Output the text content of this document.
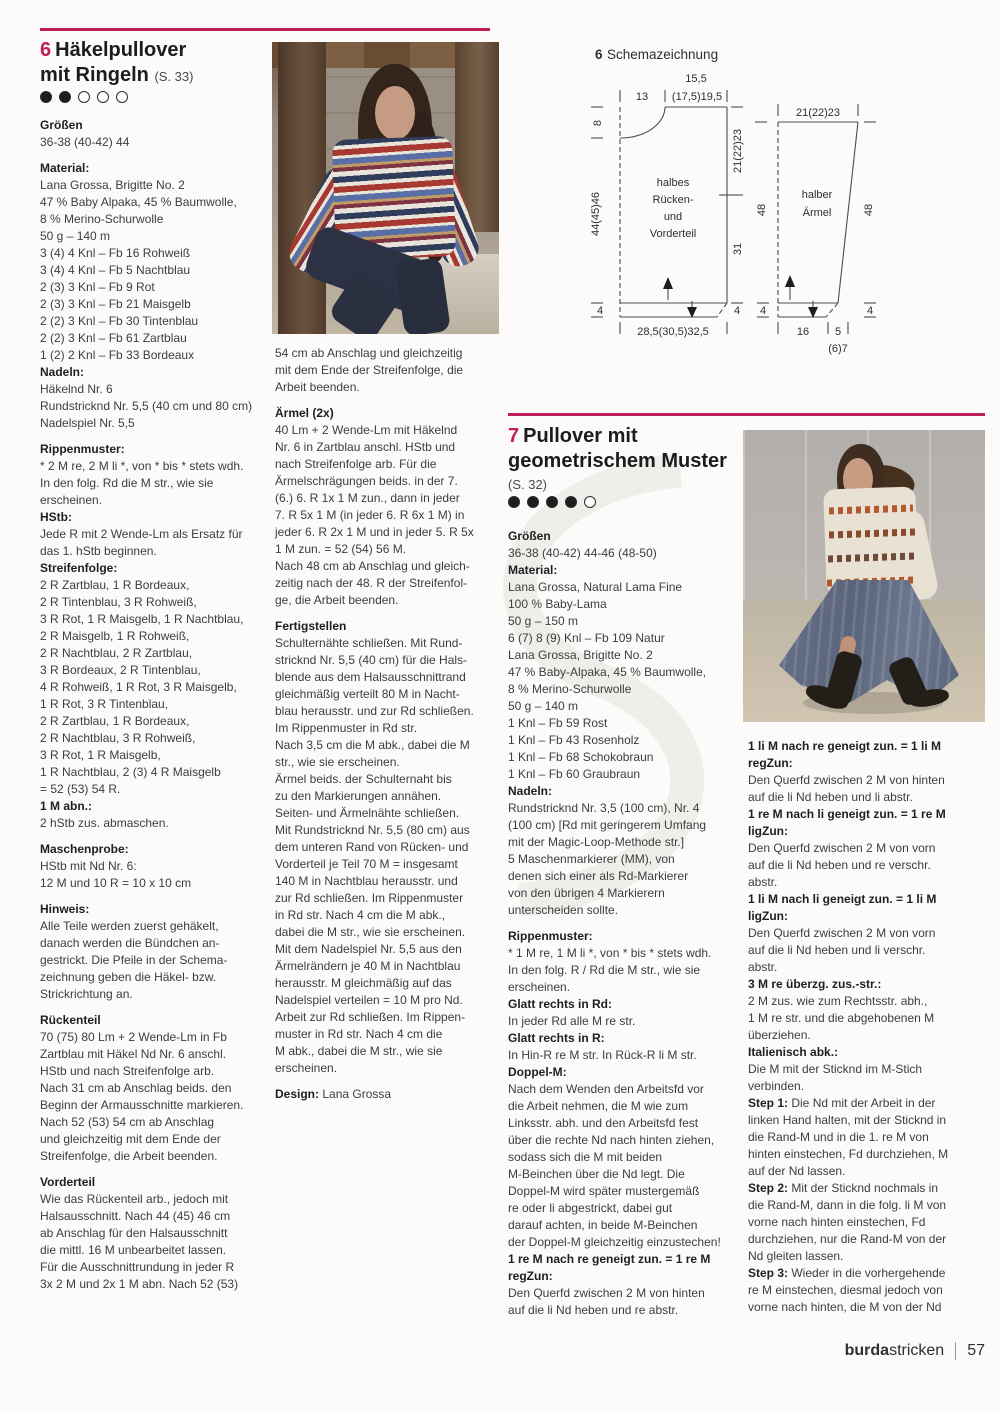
6 Häkelpullover
mit Ringeln (S. 33)
Größen
36-38 (40-42) 44
Material:
Lana Grossa, Brigitte No. 2
47 % Baby Alpaka, 45 % Baumwolle,
8 % Merino-Schurwolle
50 g – 140 m
3 (4) 4 Knl – Fb 16 Rohweiß
3 (4) 4 Knl – Fb 5 Nachtblau
2 (3) 3 Knl – Fb 9 Rot
2 (3) 3 Knl – Fb 21 Maisgelb
2 (2) 3 Knl – Fb 30 Tintenblau
2 (2) 3 Knl – Fb 61 Zartblau
1 (2) 2 Knl – Fb 33 Bordeaux
Nadeln:
Häkelnd Nr. 6
Rundstricknd Nr. 5,5 (40 cm und 80 cm)
Nadelspiel Nr. 5,5
Rippenmuster:
* 2 M re, 2 M li *, von * bis * stets wdh.
In den folg. Rd die M str., wie sie
erscheinen.
HStb:
Jede R mit 2 Wende-Lm als Ersatz für
das 1. hStb beginnen.
Streifenfolge:
2 R Zartblau, 1 R Bordeaux,
2 R Tintenblau, 3 R Rohweiß,
3 R Rot, 1 R Maisgelb, 1 R Nachtblau,
2 R Maisgelb, 1 R Rohweiß,
2 R Nachtblau, 2 R Zartblau,
3 R Bordeaux, 2 R Tintenblau,
4 R Rohweiß, 1 R Rot, 3 R Maisgelb,
1 R Rot, 3 R Tintenblau,
2 R Zartblau, 1 R Bordeaux,
2 R Nachtblau, 3 R Rohweiß,
3 R Rot, 1 R Maisgelb,
1 R Nachtblau, 2 (3) 4 R Maisgelb
= 52 (53) 54 R.
1 M abn.:
2 hStb zus. abmaschen.
Maschenprobe:
HStb mit Nd Nr. 6:
12 M und 10 R = 10 x 10 cm
Hinweis:
Alle Teile werden zuerst gehäkelt,
danach werden die Bündchen an-
gestrickt. Die Pfeile in der Schema-
zeichnung geben die Häkel- bzw.
Strickrichtung an.
Rückenteil
70 (75) 80 Lm + 2 Wende-Lm in Fb
Zartblau mit Häkel Nd Nr. 6 anschl.
HStb und nach Streifenfolge arb.
Nach 31 cm ab Anschlag beids. den
Beginn der Armausschnitte markieren.
Nach 52 (53) 54 cm ab Anschlag
und gleichzeitig mit dem Ende der
Streifenfolge, die Arbeit beenden.
Vorderteil
Wie das Rückenteil arb., jedoch mit
Halsausschnitt. Nach 44 (45) 46 cm
ab Anschlag für den Halsausschnitt
die mittl. 16 M unbearbeitet lassen.
Für die Ausschnittrundung in jeder R
3x 2 M und 2x 1 M abn. Nach 52 (53)
54 cm ab Anschlag und gleichzeitig
mit dem Ende der Streifenfolge, die
Arbeit beenden.
Ärmel (2x)
40 Lm + 2 Wende-Lm mit Häkelnd
Nr. 6 in Zartblau anschl. HStb und
nach Streifenfolge arb. Für die
Ärmelschrägungen beids. in der 7.
(6.) 6. R 1x 1 M zun., dann in jeder
7. R 5x 1 M (in jeder 6. R 6x 1 M) in
jeder 6. R 2x 1 M und in jeder 5. R 5x
1 M zun. = 52 (54) 56 M.
Nach 48 cm ab Anschlag und gleich-
zeitig nach der 48. R der Streifenfol-
ge, die Arbeit beenden.
Fertigstellen
Schulternähte schließen. Mit Rund-
stricknd Nr. 5,5 (40 cm) für die Hals-
blende aus dem Halsausschnittrand
gleichmäßig verteilt 80 M in Nacht-
blau herausstr. und zur Rd schließen.
Im Rippenmuster in Rd str.
Nach 3,5 cm die M abk., dabei die M
str., wie sie erscheinen.
Ärmel beids. der Schulternaht bis
zu den Markierungen annähen.
Seiten- und Ärmelnähte schließen.
Mit Rundstricknd Nr. 5,5 (80 cm) aus
dem unteren Rand von Rücken- und
Vorderteil je Teil 70 M = insgesamt
140 M in Nachtblau herausstr. und
zur Rd schließen. Im Rippenmuster
in Rd str. Nach 4 cm die M abk.,
dabei die M str., wie sie erscheinen.
Mit dem Nadelspiel Nr. 5,5 aus den
Ärmelrändern je 40 M in Nachtblau
herausstr. M gleichmäßig auf das
Nadelspiel verteilen = 10 M pro Nd.
Arbeit zur Rd schließen. Im Rippen-
muster in Rd str. Nach 4 cm die
M abk., dabei die M str., wie sie
erscheinen.
Design: Lana Grossa
6 Schemazeichnung
15,5
13 (17,5)19,5
8
44(45)46
21(22)23
31
4	4
28,5(30,5)32,5
halbes
Rücken-
und
Vorderteil
21(22)23
48	48
4	4
16 5
(6)7
halber
Ärmel
7 Pullover mit
geometrischem Muster
(S. 32)
Größen
36-38 (40-42) 44-46 (48-50)
Material:
Lana Grossa, Natural Lama Fine
100 % Baby-Lama
50 g – 150 m
6 (7) 8 (9) Knl – Fb 109 Natur
Lana Grossa, Brigitte No. 2
47 % Baby-Alpaka, 45 % Baumwolle,
8 % Merino-Schurwolle
50 g – 140 m
1 Knl – Fb 59 Rost
1 Knl – Fb 43 Rosenholz
1 Knl – Fb 68 Schokobraun
1 Knl – Fb 60 Graubraun
Nadeln:
Rundstricknd Nr. 3,5 (100 cm), Nr. 4
(100 cm) [Rd mit geringerem Umfang
mit der Magic-Loop-Methode str.]
5 Maschenmarkierer (MM), von
denen sich einer als Rd-Markierer
von den übrigen 4 Markierern
unterscheiden sollte.
Rippenmuster:
* 1 M re, 1 M li *, von * bis * stets wdh.
In den folg. R / Rd die M str., wie sie
erscheinen.
Glatt rechts in Rd:
In jeder Rd alle M re str.
Glatt rechts in R:
In Hin-R re M str. In Rück-R li M str.
Doppel-M:
Nach dem Wenden den Arbeitsfd vor
die Arbeit nehmen, die M wie zum
Linksstr. abh. und den Arbeitsfd fest
über die rechte Nd nach hinten ziehen,
sodass sich die M mit beiden
M-Beinchen über die Nd legt. Die
Doppel-M wird später mustergemäß
re oder li abgestrickt, dabei gut
darauf achten, in beide M-Beinchen
der Doppel-M gleichzeitig einzustechen!
1 re M nach re geneigt zun. = 1 re M
regZun:
Den Querfd zwischen 2 M von hinten
auf die li Nd heben und re abstr.
1 li M nach re geneigt zun. = 1 li M
regZun:
Den Querfd zwischen 2 M von hinten
auf die li Nd heben und li abstr.
1 re M nach li geneigt zun. = 1 re M
ligZun:
Den Querfd zwischen 2 M von vorn
auf die li Nd heben und re verschr.
abstr.
1 li M nach li geneigt zun. = 1 li M
ligZun:
Den Querfd zwischen 2 M von vorn
auf die li Nd heben und li verschr.
abstr.
3 M re überzg. zus.-str.:
2 M zus. wie zum Rechtsstr. abh.,
1 M re str. und die abgehobenen M
überziehen.
Italienisch abk.:
Die M mit der Sticknd im M-Stich
verbinden.
Step 1: Die Nd mit der Arbeit in der
linken Hand halten, mit der Sticknd in
die Rand-M und in die 1. re M von
hinten einstechen, Fd durchziehen, M
auf der Nd lassen.
Step 2: Mit der Sticknd nochmals in
die Rand-M, dann in die folg. li M von
vorne nach hinten einstechen, Fd
durchziehen, nur die Rand-M von der
Nd gleiten lassen.
Step 3: Wieder in die vorhergehende
re M einstechen, diesmal jedoch von
vorne nach hinten, die M von der Nd
burdastricken 57
